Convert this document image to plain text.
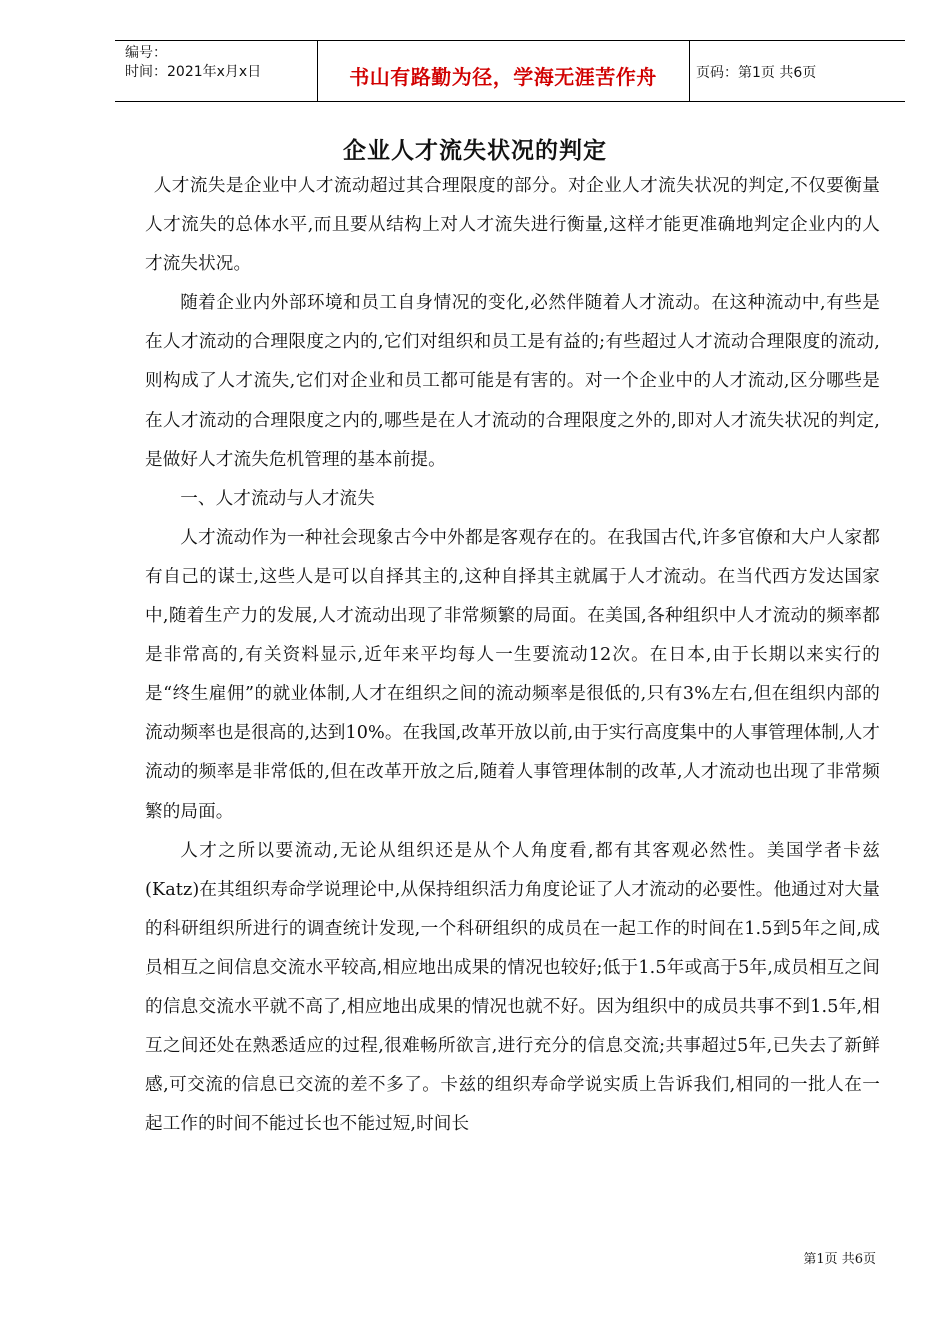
编号：
时间：2021年x月x日	书山有路勤为径，学海无涯苦作舟	页码：第1页 共6页
企业人才流失状况的判定

人才流失是企业中人才流动超过其合理限度的部分。对企业人才流失状况的判定,不仅要衡量人才流失的总体水平,而且要从结构上对人才流失进行衡量,这样才能更准确地判定企业内的人才流失状况。

随着企业内外部环境和员工自身情况的变化,必然伴随着人才流动。在这种流动中,有些是在人才流动的合理限度之内的,它们对组织和员工是有益的;有些超过人才流动合理限度的流动,则构成了人才流失,它们对企业和员工都可能是有害的。对一个企业中的人才流动,区分哪些是在人才流动的合理限度之内的,哪些是在人才流动的合理限度之外的,即对人才流失状况的判定,是做好人才流失危机管理的基本前提。

一、人才流动与人才流失

人才流动作为一种社会现象古今中外都是客观存在的。在我国古代,许多官僚和大户人家都有自己的谋士,这些人是可以自择其主的,这种自择其主就属于人才流动。在当代西方发达国家中,随着生产力的发展,人才流动出现了非常频繁的局面。在美国,各种组织中人才流动的频率都是非常高的,有关资料显示,近年来平均每人一生要流动12次。在日本,由于长期以来实行的是“终生雇佣”的就业体制,人才在组织之间的流动频率是很低的,只有3%左右,但在组织内部的流动频率也是很高的,达到10%。在我国,改革开放以前,由于实行高度集中的人事管理体制,人才流动的频率是非常低的,但在改革开放之后,随着人事管理体制的改革,人才流动也出现了非常频繁的局面。

人才之所以要流动,无论从组织还是从个人角度看,都有其客观必然性。美国学者卡兹(Katz)在其组织寿命学说理论中,从保持组织活力角度论证了人才流动的必要性。他通过对大量的科研组织所进行的调查统计发现,一个科研组织的成员在一起工作的时间在1.5到5年之间,成员相互之间信息交流水平较高,相应地出成果的情况也较好;低于1.5年或高于5年,成员相互之间的信息交流水平就不高了,相应地出成果的情况也就不好。因为组织中的成员共事不到1.5年,相互之间还处在熟悉适应的过程,很难畅所欲言,进行充分的信息交流;共事超过5年,已失去了新鲜感,可交流的信息已交流的差不多了。卡兹的组织寿命学说实质上告诉我们,相同的一批人在一起工作的时间不能过长也不能过短,时间长

第1页 共6页
